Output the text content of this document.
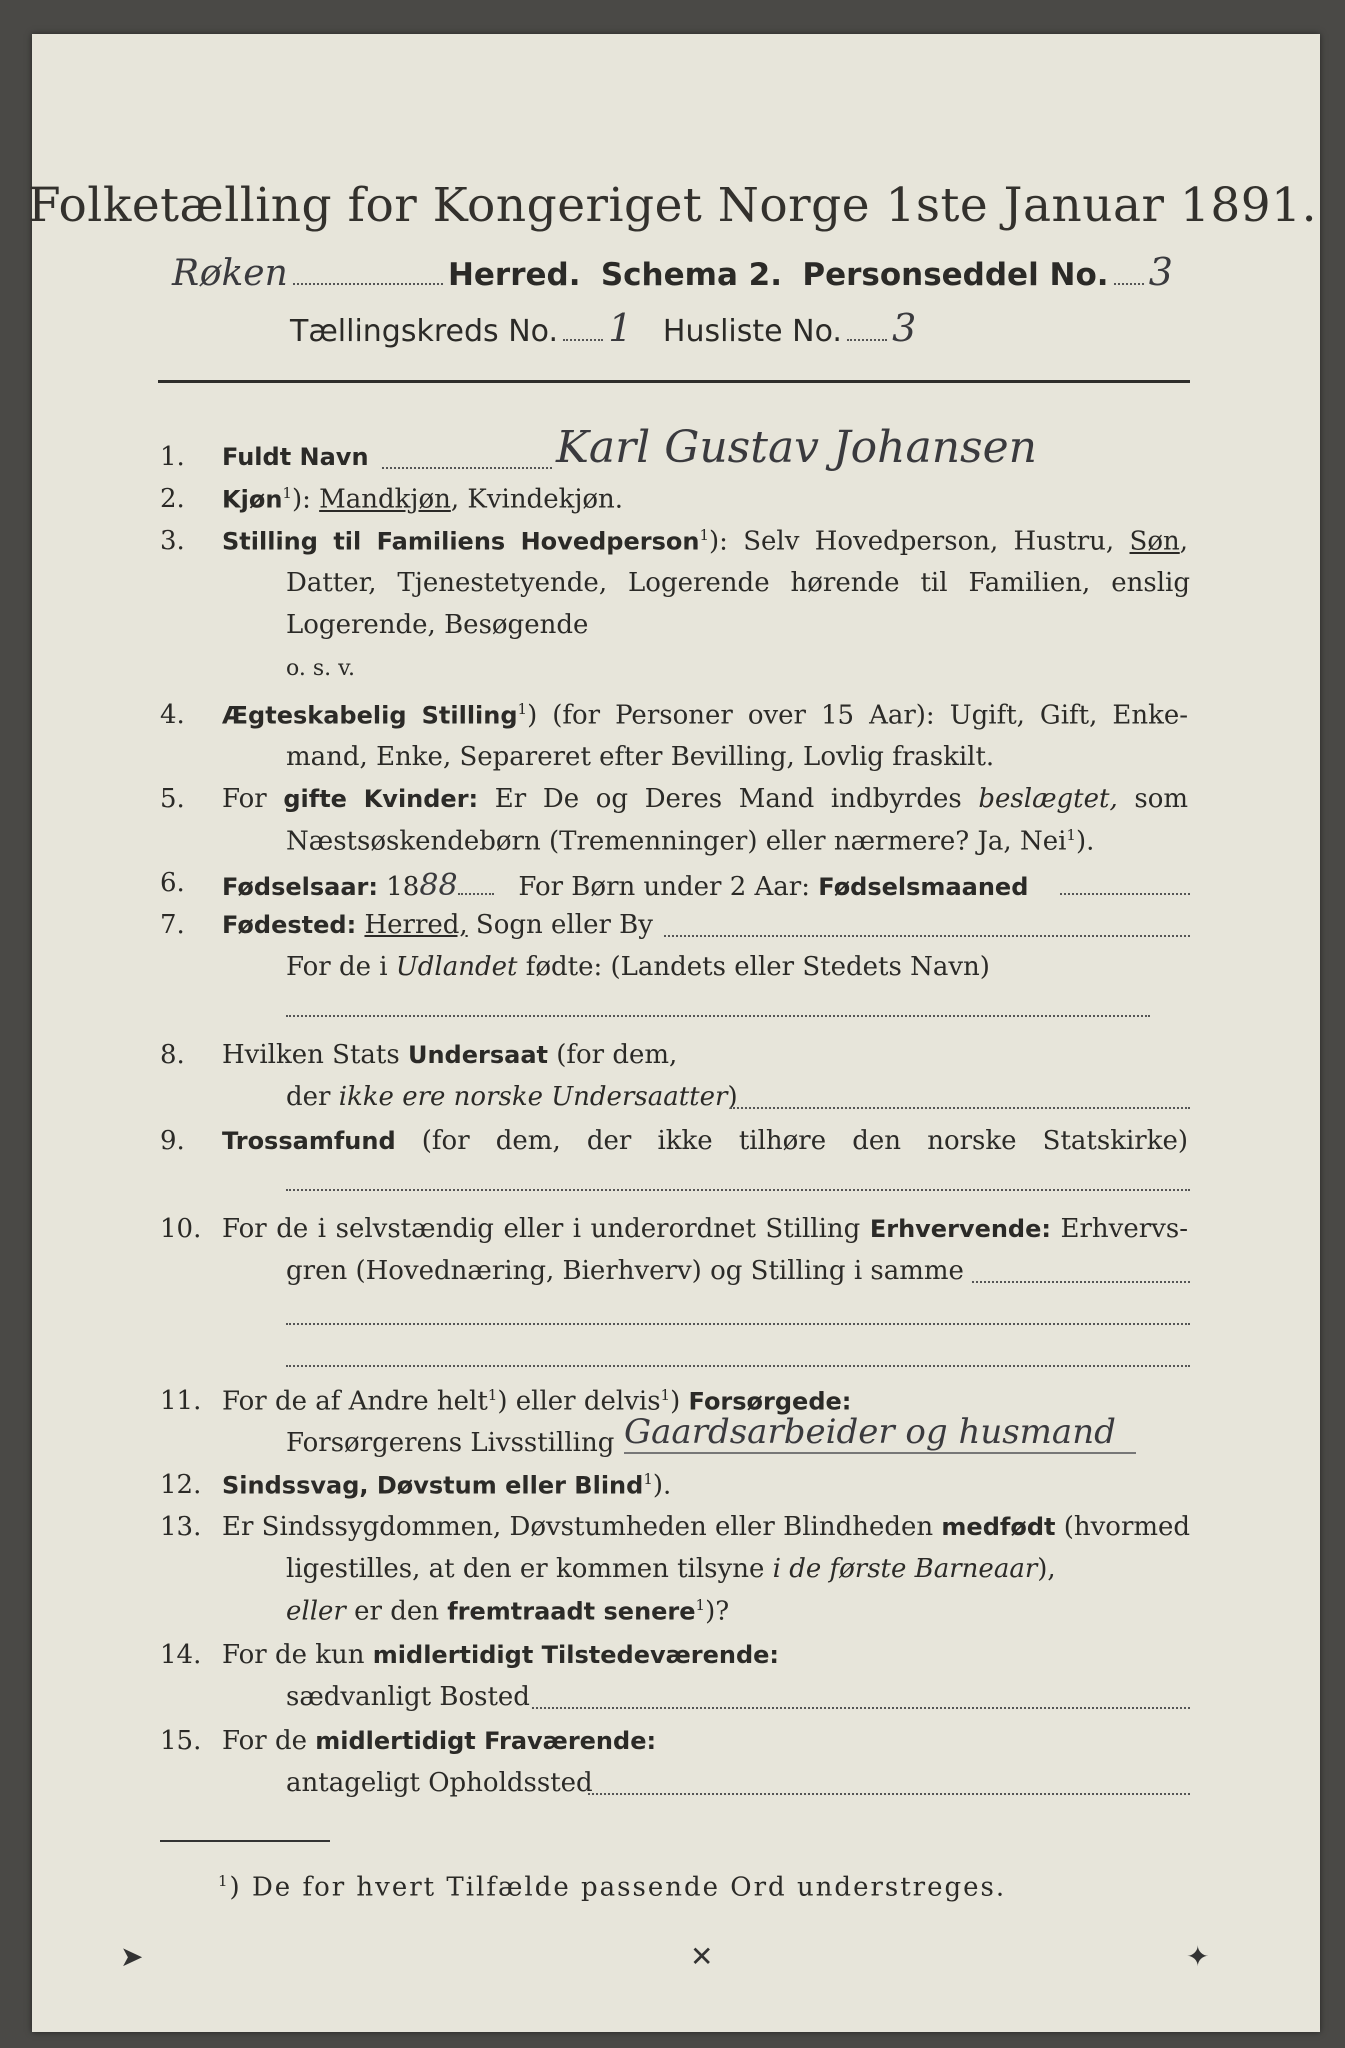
Folketælling for Kongeriget Norge 1ste Januar 1891.
Røken	Herred. Schema 2. Personseddel No. 3
Tællingskreds No. 1 Husliste No. 3
1. Fuldt Navn	Karl Gustav Johansen
2. Kjøn$^1$): Mandkjøn, Kvindekjøn.
3. Stilling til Familiens Hovedperson$^1$): Selv Hovedperson, Hustru, Søn,
Datter, Tjenestetyende, Logerende hørende til Familien, enslig
Logerende, Besøgende
o. s. v.
4. Ægteskabelig Stilling$^1$) (for Personer over 15 Aar): Ugift, Gift, Enke-
mand, Enke, Separeret efter Bevilling, Lovlig fraskilt.
5. For gifte Kvinder: Er De og Deres Mand indbyrdes beslægtet, som
Næstsøskendebørn (Tremenninger) eller nærmere? Ja, Nei$^1$).
6. Fødselsaar: 1888 For Børn under 2 Aar: Fødselsmaaned
7. Fødested: Herred, Sogn eller By
For de i Udlandet fødte: (Landets eller Stedets Navn)
8. Hvilken Stats Undersaat (for dem,
der ikke ere norske Undersaatter)
9. Trossamfund (for dem, der ikke tilhøre den norske Statskirke)
10. For de i selvstændig eller i underordnet Stilling Erhvervende: Erhvervs-
gren (Hovednæring, Bierhverv) og Stilling i samme
11. For de af Andre helt$^1$) eller delvis$^1$) Forsørgede:
Forsørgerens Livsstilling Gaardsarbeider og husmand
12. Sindssvag, Døvstum eller Blind$^1$).
13. Er Sindssygdommen, Døvstumheden eller Blindheden medfødt (hvormed
ligestilles, at den er kommen tilsyne i de første Barneaar),
eller er den fremtraadt senere$^1$)?
14. For de kun midlertidigt Tilstedeværende:
sædvanligt Bosted
15. For de midlertidigt Fraværende:
antageligt Opholdssted
$^1$) De for hvert Tilfælde passende Ord understreges.
➤	✕	✦
